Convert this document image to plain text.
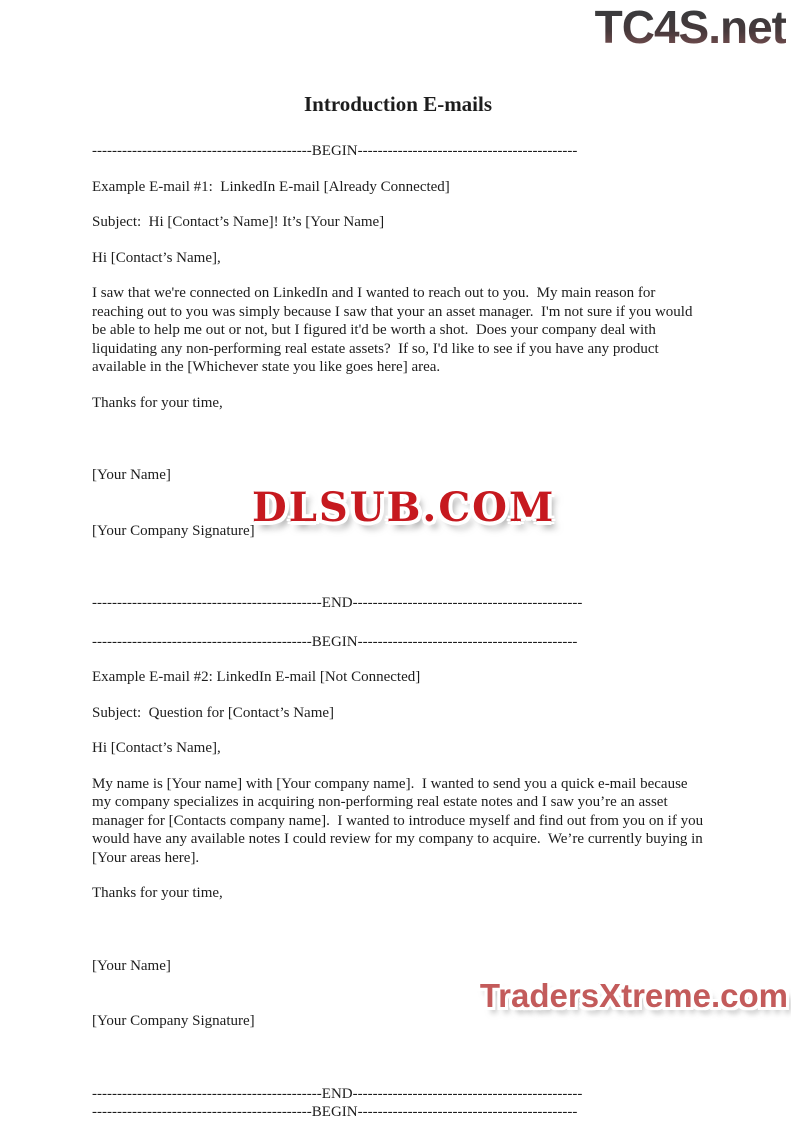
TC4S.net
Introduction E-mails
--------------------------------------------BEGIN--------------------------------------------

Example E-mail #1:  LinkedIn E-mail [Already Connected]

Subject:  Hi [Contact’s Name]! It’s [Your Name]

Hi [Contact’s Name],

I saw that we're connected on LinkedIn and I wanted to reach out to you.  My main reason for reaching out to you was simply because I saw that your an asset manager.  I'm not sure if you would be able to help me out or not, but I figured it'd be worth a shot.  Does your company deal with liquidating any non-performing real estate assets?  If so, I'd like to see if you have any product available in the [Whichever state you like goes here] area.

Thanks for your time,

[Your Name]

[Your Company Signature]

----------------------------------------------END----------------------------------------------
--------------------------------------------BEGIN--------------------------------------------

Example E-mail #2: LinkedIn E-mail [Not Connected]

Subject:  Question for [Contact’s Name]

Hi [Contact’s Name],

My name is [Your name] with [Your company name].  I wanted to send you a quick e-mail because my company specializes in acquiring non-performing real estate notes and I saw you’re an asset manager for [Contacts company name].  I wanted to introduce myself and find out from you on if you would have any available notes I could review for my company to acquire.  We’re currently buying in [Your areas here].

Thanks for your time,

[Your Name]

[Your Company Signature]

----------------------------------------------END----------------------------------------------
--------------------------------------------BEGIN--------------------------------------------
DLSUB.COM
TradersXtreme.com
